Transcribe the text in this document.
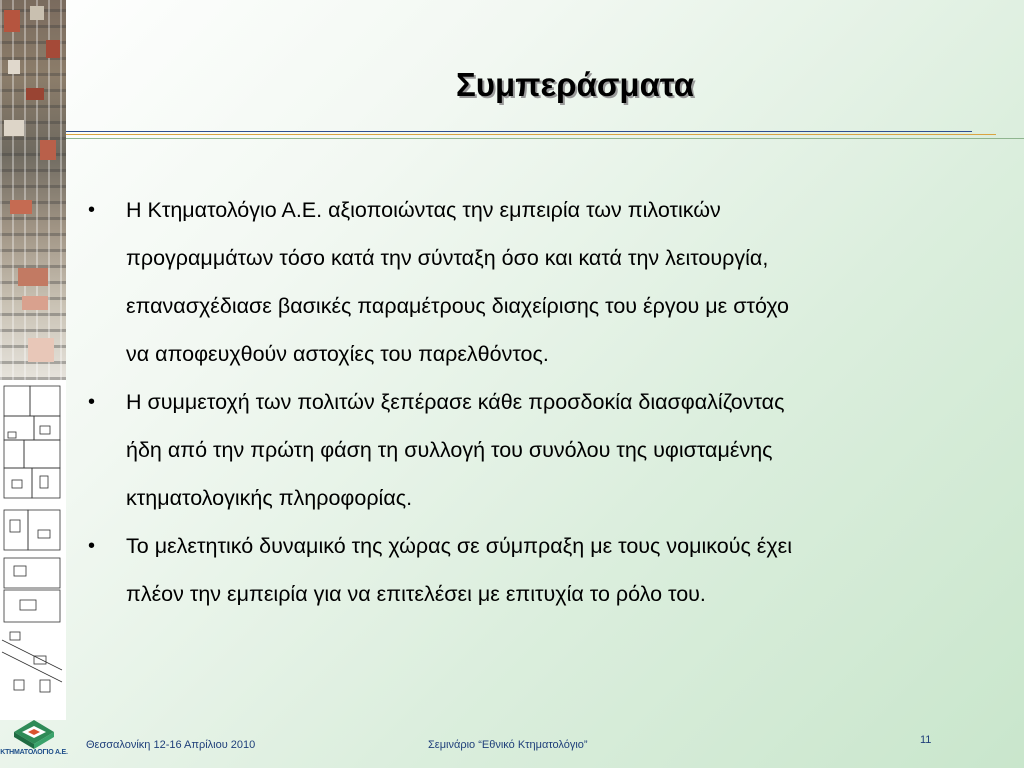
ΚΤΗΜΑΤΟΛΟΓΙΟ Α.Ε.
Συμπεράσματα
• Η Κτηματολόγιο Α.Ε. αξιοποιώντας την εμπειρία των πιλοτικών
προγραμμάτων τόσο κατά την σύνταξη όσο και κατά την λειτουργία,
επανασχέδιασε βασικές παραμέτρους διαχείρισης του έργου με στόχο
να αποφευχθούν αστοχίες του παρελθόντος.
• Η συμμετοχή των πολιτών ξεπέρασε κάθε προσδοκία διασφαλίζοντας
ήδη από την πρώτη φάση τη συλλογή του συνόλου της υφισταμένης
κτηματολογικής πληροφορίας.
• Το μελετητικό δυναμικό της χώρας σε σύμπραξη με τους νομικούς έχει
πλέον την εμπειρία για να επιτελέσει με επιτυχία το ρόλο του.
Θεσσαλονίκη 12-16 Απρίλιου 2010	Σεμινάριο “Εθνικό Κτηματολόγιο”	11
